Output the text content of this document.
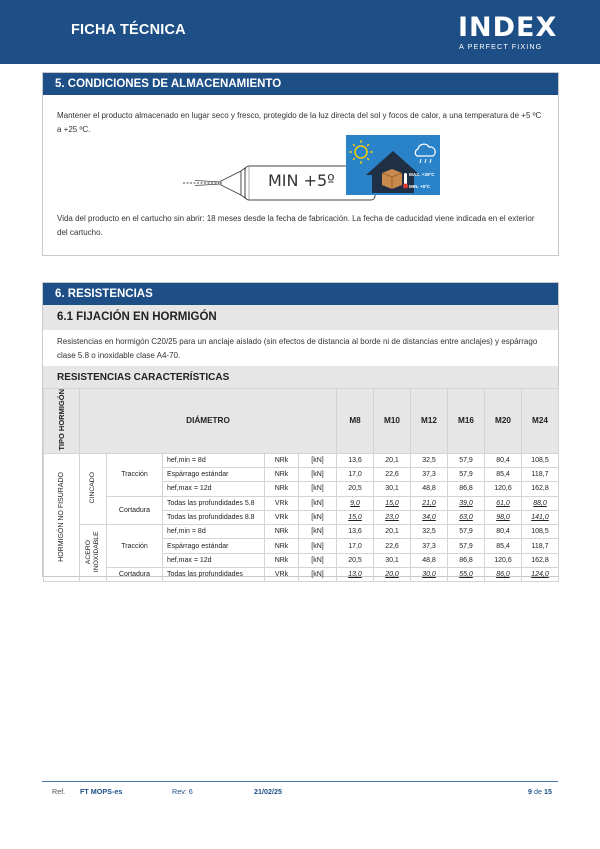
FICHA TÉCNICA	INDEX
A PERFECT FIXING
5. CONDICIONES DE ALMACENAMIENTO
Mantener el producto almacenado en lugar seco y fresco, protegido de la luz directa del sol y focos de calor, a una temperatura de +5 ºC a +25 ºC.
MIN +5º	MAX. +25ºC
MIN. +5ºC
Vida del producto en el cartucho sin abrir: 18 meses desde la fecha de fabricación. La fecha de caducidad viene indicada en el exterior del cartucho.
6. RESISTENCIAS
6.1 FIJACIÓN EN HORMIGÓN
Resistencias en hormigón C20/25 para un anclaje aislado (sin efectos de distancia al borde ni de distancias entre anclajes) y espárrago clase 5.8 o inoxidable clase A4-70.
RESISTENCIAS CARACTERÍSTICAS
TIPO HORMIGÓN	DIÁMETRO					M8	M10	M12	M16	M20	M24
HORMIGÓN NO FISURADO	CINCADO	Tracción	hef,min = 8d	NRk	[kN]	13,6	20,1	32,5	57,9	80,4	108,5
			Espárrago estándar	NRk	[kN]	17,0	22,6	37,3	57,9	85,4	118,7
			hef,max = 12d	NRk	[kN]	20,5	30,1	48,8	86,8	120,6	162,8
		Cortadura	Todas las profundidades 5.8	VRk	[kN]	9,0	15,0	21,0	39,0	61,0	88,0
			Todas las profundidades 8.8	VRk	[kN]	15,0	23,0	34,0	63,0	98,0	141,0
	ACERO INOXIDABLE	Tracción	hef,min = 8d	NRk	[kN]	13,6	20,1	32,5	57,9	80,4	108,5
			Espárrago estándar	NRk	[kN]	17,0	22,6	37,3	57,9	85,4	118,7
			hef,max = 12d	NRk	[kN]	20,5	30,1	48,8	86,8	120,6	162,8
		Cortadura	Todas las profundidades	VRk	[kN]	13,0	20,0	30,0	55,0	86,0	124,0
Ref. FT MOPS-es	Rev: 6	21/02/25	9 de 15
